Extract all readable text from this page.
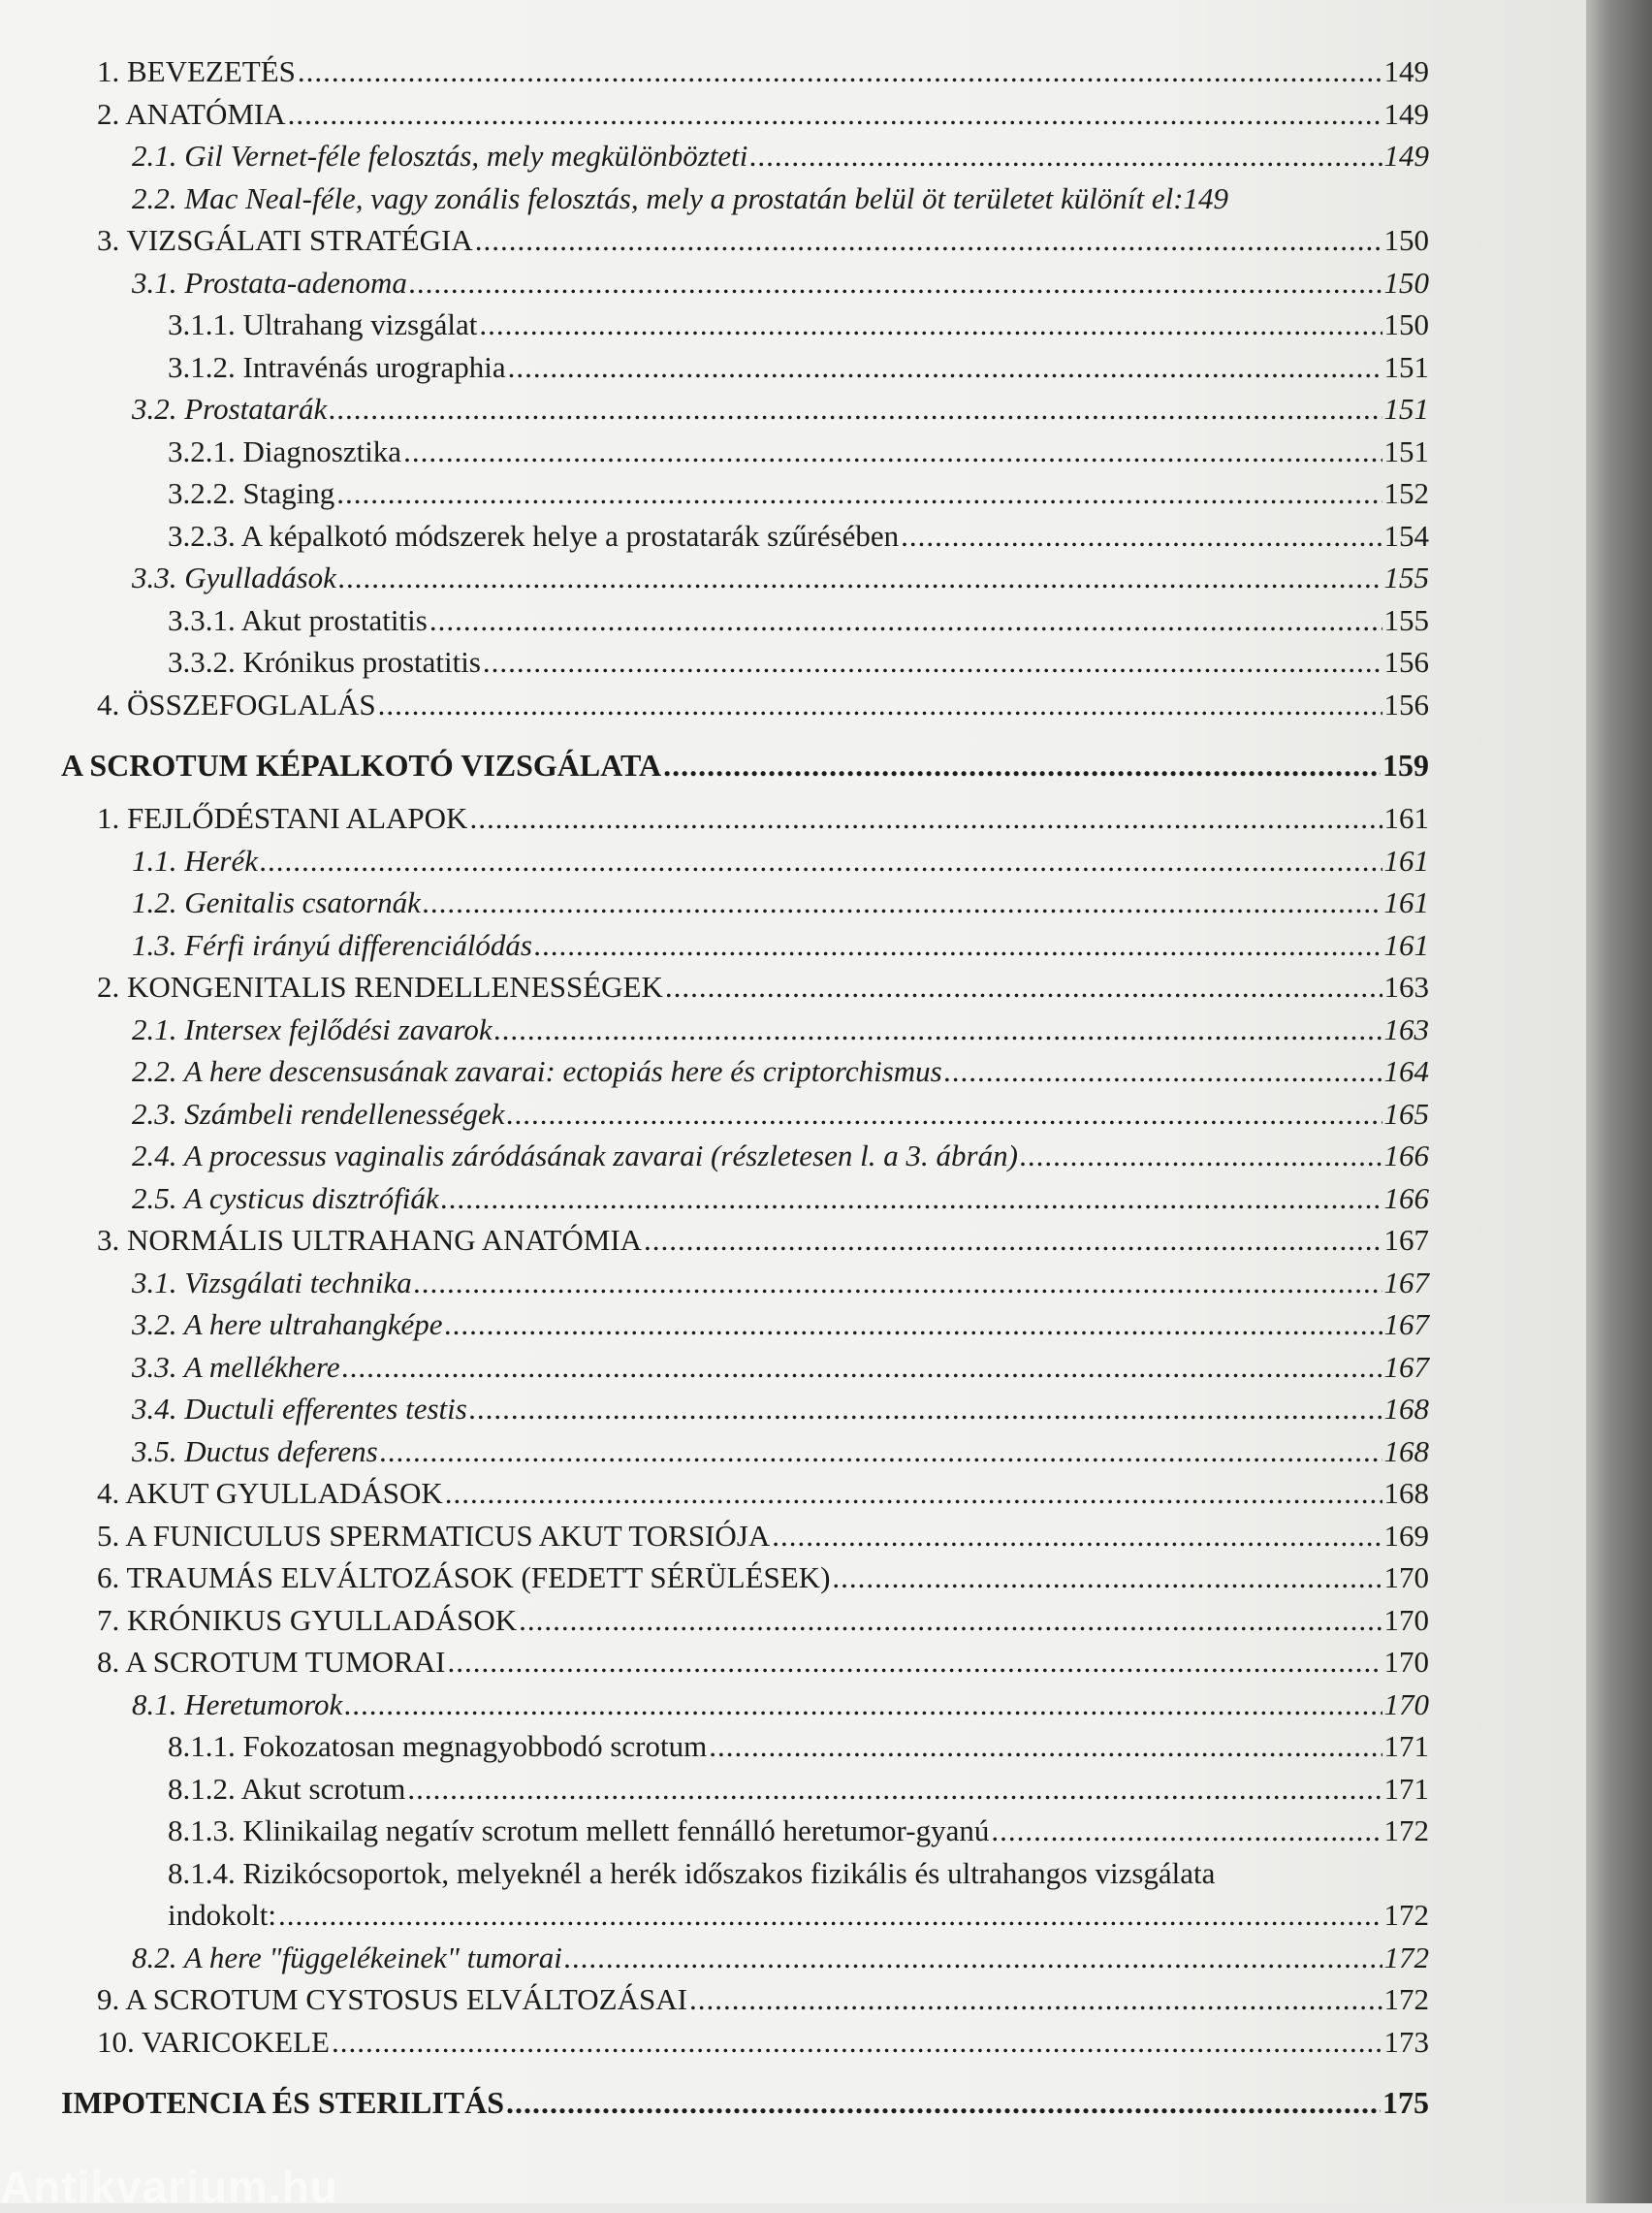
1. BEVEZETÉS .....	149
2. ANATÓMIA .....	149
2.1. Gil Vernet-féle felosztás, mely megkülönbözteti .....	149
2.2. Mac Neal-féle, vagy zonális felosztás, mely a prostatán belül öt területet különít el:149
3. VIZSGÁLATI STRATÉGIA .....	150
3.1. Prostata-adenoma .....	150
3.1.1. Ultrahang vizsgálat .....	150
3.1.2. Intravénás urographia .....	151
3.2. Prostatarák .....	151
3.2.1. Diagnosztika .....	151
3.2.2. Staging .....	152
3.2.3. A képalkotó módszerek helye a prostatarák szűrésében .....	154
3.3. Gyulladások .....	155
3.3.1. Akut prostatitis .....	155
3.3.2. Krónikus prostatitis .....	156
4. ÖSSZEFOGLALÁS .....	156
A SCROTUM KÉPALKOTÓ VIZSGÁLATA .....	159
1. FEJLŐDÉSTANI ALAPOK .....	161
1.1. Herék .....	161
1.2. Genitalis csatornák .....	161
1.3. Férfi irányú differenciálódás .....	161
2. KONGENITALIS RENDELLENESSÉGEK .....	163
2.1. Intersex fejlődési zavarok .....	163
2.2. A here descensusának zavarai: ectopiás here és criptorchismus .....	164
2.3. Számbeli rendellenességek .....	165
2.4. A processus vaginalis záródásának zavarai (részletesen l. a 3. ábrán) .....	166
2.5. A cysticus disztrófiák .....	166
3. NORMÁLIS ULTRAHANG ANATÓMIA .....	167
3.1. Vizsgálati technika .....	167
3.2. A here ultrahangképe .....	167
3.3. A mellékhere .....	167
3.4. Ductuli efferentes testis .....	168
3.5. Ductus deferens .....	168
4. AKUT GYULLADÁSOK .....	168
5. A FUNICULUS SPERMATICUS AKUT TORSIÓJA .....	169
6. TRAUMÁS ELVÁLTOZÁSOK (FEDETT SÉRÜLÉSEK) .....	170
7. KRÓNIKUS GYULLADÁSOK .....	170
8. A SCROTUM TUMORAI .....	170
8.1. Heretumorok .....	170
8.1.1. Fokozatosan megnagyobbodó scrotum .....	171
8.1.2. Akut scrotum .....	171
8.1.3. Klinikailag negatív scrotum mellett fennálló heretumor-gyanú .....	172
8.1.4. Rizikócsoportok, melyeknél a herék időszakos fizikális és ultrahangos vizsgálata
indokolt: .....	172
8.2. A here "függelékeinek" tumorai .....	172
9. A SCROTUM CYSTOSUS ELVÁLTOZÁSAI .....	172
10. VARICOKELE .....	173
IMPOTENCIA ÉS STERILITÁS .....	175
Antikvarium.hu
